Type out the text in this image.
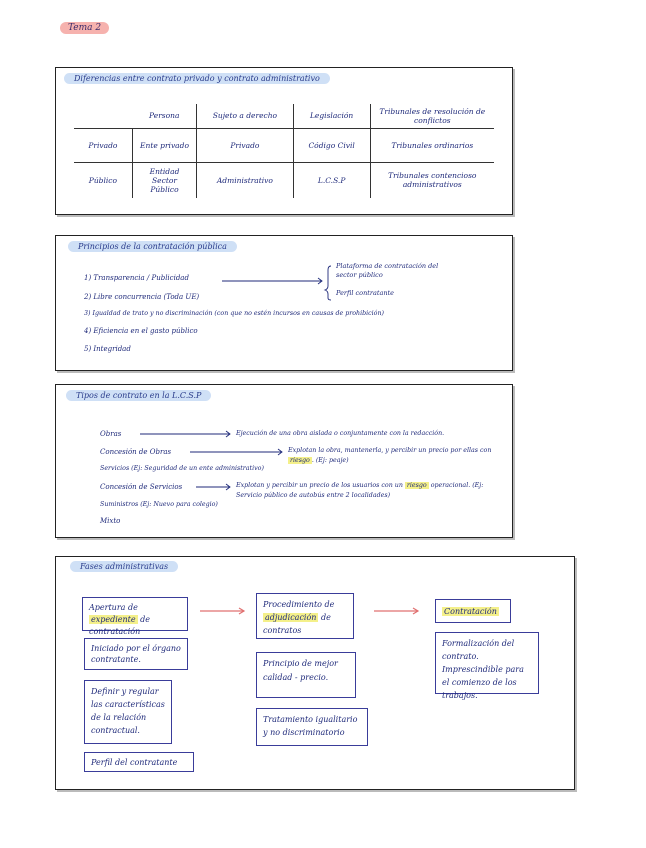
Tema 2
Diferencias entre contrato privado y contrato administrativo
	Persona	Sujeto a derecho	Legislación	Tribunales de resolución de conflictos
Privado	Ente privado	Privado	Código Civil	Tribunales ordinarios
Público	Entidad Sector Público	Administrativo	L.C.S.P	Tribunales contencioso administrativos
Principios de la contratación pública
1) Transparencia / Publicidad
2) Libre concurrencia (Toda UE)
3) Igualdad de trato y no discriminación (con que no estén incursos en causas de prohibición)
4) Eficiencia en el gasto público
5) Integridad
Plataforma de contratación del sector público
Perfil contratante
Tipos de contrato en la L.C.S.P
Obras	Ejecución de una obra aislada o conjuntamente con la redacción.
Concesión de Obras	Explotan la obra, mantenerla, y percibir un precio por ellas con riesgo . (Ej: peaje)
Servicios (Ej: Seguridad de un ente administrativo)
Concesión de Servicios	Explotan y percibir un precio de los usuarios con un riesgo operacional. (Ej: Servicio público de autobús entre 2 localidades)
Suministros (Ej: Nuevo para colegio)
Mixto
Fases administrativas
Apertura de expediente de contratación
Procedimiento de adjudicación de contratos
Contratación
Iniciado por el órgano contratante.
Definir y regular las características de la relación contractual.
Perfil del contratante
Principio de mejor calidad - precio.
Tratamiento igualitario y no discriminatorio
Formalización del contrato. Imprescindible para el comienzo de los trabajos.
